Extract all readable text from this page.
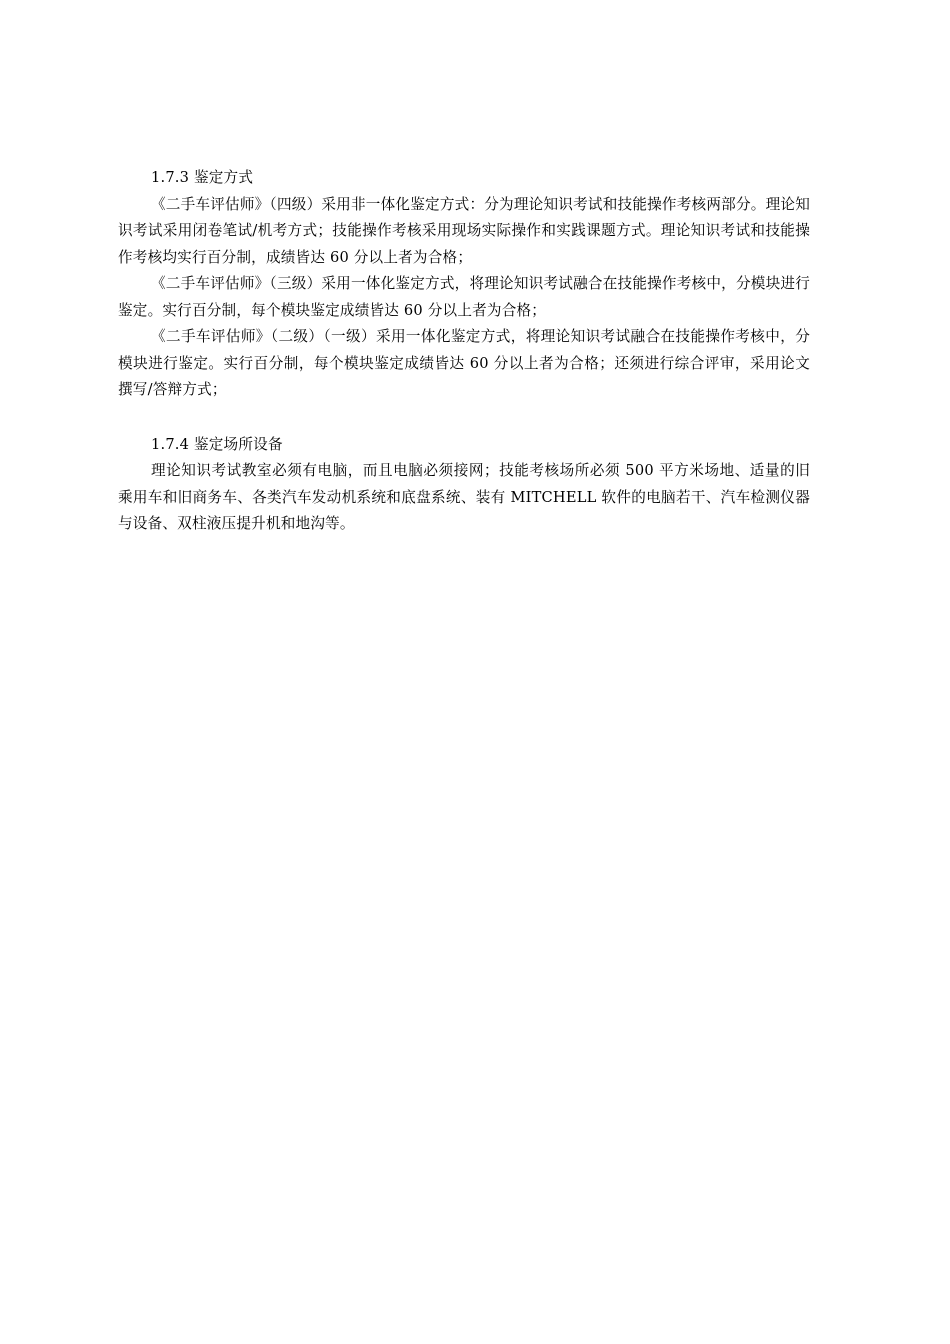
1.7.3 鉴定方式

《二手车评估师》（四级）采用非一体化鉴定方式：分为理论知识考试和技能操作考核两部分。理论知识考试采用闭卷笔试/机考方式；技能操作考核采用现场实际操作和实践课题方式。理论知识考试和技能操作考核均实行百分制，成绩皆达 60 分以上者为合格；

《二手车评估师》（三级）采用一体化鉴定方式，将理论知识考试融合在技能操作考核中，分模块进行鉴定。实行百分制，每个模块鉴定成绩皆达 60 分以上者为合格；

《二手车评估师》（二级）（一级）采用一体化鉴定方式，将理论知识考试融合在技能操作考核中，分模块进行鉴定。实行百分制，每个模块鉴定成绩皆达 60 分以上者为合格；还须进行综合评审，采用论文撰写/答辩方式；

1.7.4 鉴定场所设备

理论知识考试教室必须有电脑，而且电脑必须接网；技能考核场所必须 500 平方米场地、适量的旧乘用车和旧商务车、各类汽车发动机系统和底盘系统、装有 MITCHELL 软件的电脑若干、汽车检测仪器与设备、双柱液压提升机和地沟等。
